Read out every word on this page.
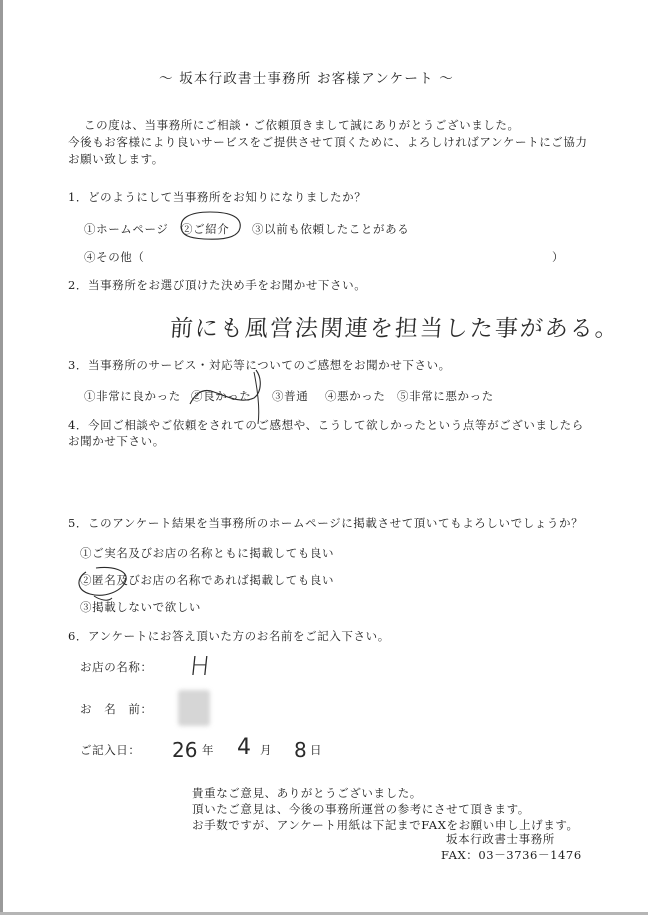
～ 坂本行政書士事務所 お客様アンケート ～
この度は、当事務所にご相談・ご依頼頂きまして誠にありがとうございました。
今後もお客様により良いサービスをご提供させて頂くために、よろしければアンケートにご協力
お願い致します。
1．どのようにして当事務所をお知りになりましたか？
①ホームページ ②ご紹介 ③以前も依頼したことがある
④その他（	）
2．当事務所をお選び頂けた決め手をお聞かせ下さい。
前にも風営法関連を担当した事がある。
3．当事務所のサービス・対応等についてのご感想をお聞かせ下さい。
①非常に良かった ②良かった ③普通 ④悪かった ⑤非常に悪かった
4．今回ご相談やご依頼をされてのご感想や、こうして欲しかったという点等がございましたら
お聞かせ下さい。
5．このアンケート結果を当事務所のホームページに掲載させて頂いてもよろしいでしょうか？
①ご実名及びお店の名称ともに掲載しても良い
②匿名及びお店の名称であれば掲載しても良い
③掲載しないで欲しい
6．アンケートにお答え頂いた方のお名前をご記入下さい。
お店の名称： H
お　名　前：
ご記入日： 26 年 4 月 8 日
貴重なご意見、ありがとうございました。
頂いたご意見は、今後の事務所運営の参考にさせて頂きます。
お手数ですが、アンケート用紙は下記までFAXをお願い申し上げます。
坂本行政書士事務所
FAX：03－3736－1476
